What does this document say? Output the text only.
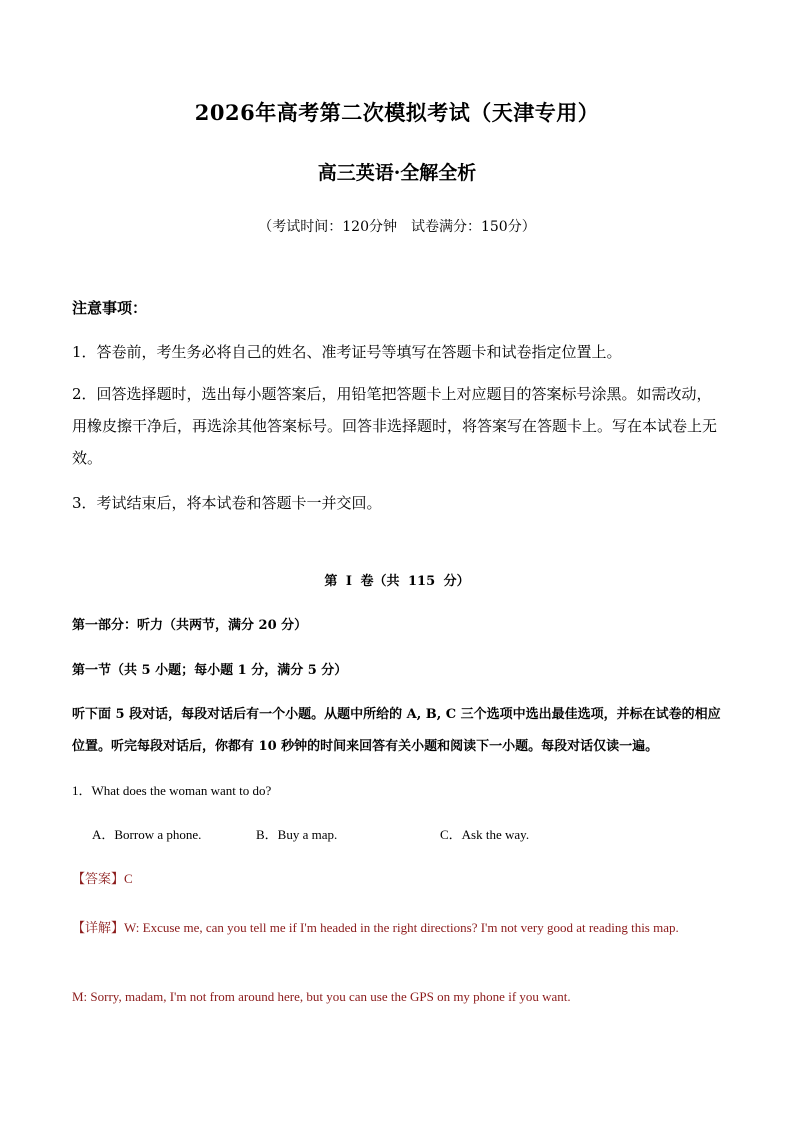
2026年高考第二次模拟考试（天津专用）
高三英语·全解全析
（考试时间：120分钟　试卷满分：150分）
注意事项：
1．答卷前，考生务必将自己的姓名、准考证号等填写在答题卡和试卷指定位置上。
2．回答选择题时，选出每小题答案后，用铅笔把答题卡上对应题目的答案标号涂黑。如需改动，用橡皮擦干净后，再选涂其他答案标号。回答非选择题时，将答案写在答题卡上。写在本试卷上无效。
3．考试结束后，将本试卷和答题卡一并交回。
第 Ⅰ 卷（共 115 分）
第一部分：听力（共两节，满分 20 分）
第一节（共 5 小题；每小题 1 分，满分 5 分）
听下面 5 段对话，每段对话后有一个小题。从题中所给的 A, B, C 三个选项中选出最佳选项，并标在试卷的相应位置。听完每段对话后，你都有 10 秒钟的时间来回答有关小题和阅读下一小题。每段对话仅读一遍。
1．What does the woman want to do?
A．Borrow a phone.	B．Buy a map.	C．Ask the way.
【答案】C
【详解】W: Excuse me, can you tell me if I'm headed in the right directions? I'm not very good at reading this map.
M: Sorry, madam, I'm not from around here, but you can use the GPS on my phone if you want.
